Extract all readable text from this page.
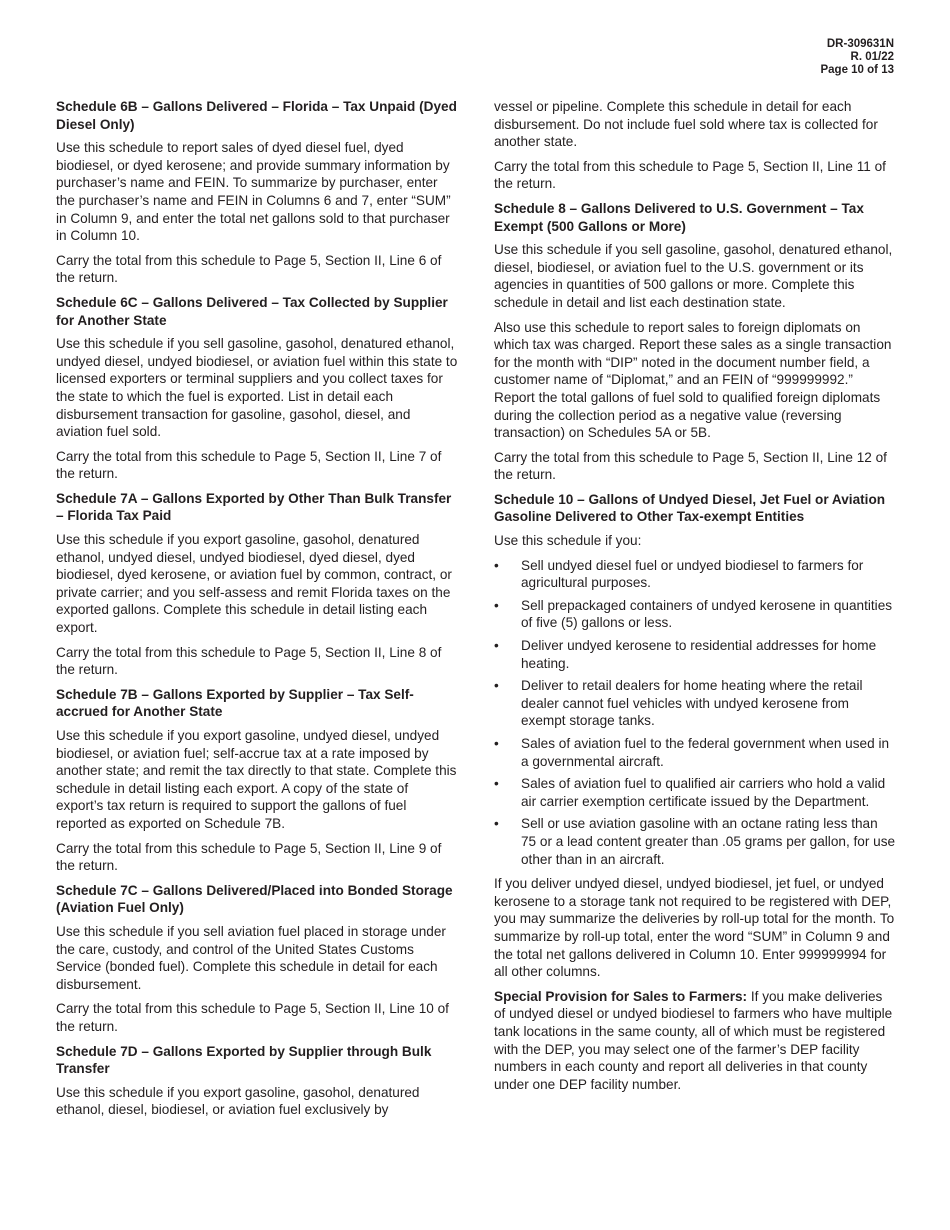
DR-309631N
R. 01/22
Page 10 of 13
Schedule 6B – Gallons Delivered – Florida – Tax Unpaid (Dyed Diesel Only)

Use this schedule to report sales of dyed diesel fuel, dyed biodiesel, or dyed kerosene; and provide summary information by purchaser’s name and FEIN. To summarize by purchaser, enter the purchaser’s name and FEIN in Columns 6 and 7, enter “SUM” in Column 9, and enter the total net gallons sold to that purchaser in Column 10.

Carry the total from this schedule to Page 5, Section II, Line 6 of the return.

Schedule 6C – Gallons Delivered – Tax Collected by Supplier for Another State

Use this schedule if you sell gasoline, gasohol, denatured ethanol, undyed diesel, undyed biodiesel, or aviation fuel within this state to licensed exporters or terminal suppliers and you collect taxes for the state to which the fuel is exported. List in detail each disbursement transaction for gasoline, gasohol, diesel, and aviation fuel sold.

Carry the total from this schedule to Page 5, Section II, Line 7 of the return.

Schedule 7A – Gallons Exported by Other Than Bulk Transfer – Florida Tax Paid

Use this schedule if you export gasoline, gasohol, denatured ethanol, undyed diesel, undyed biodiesel, dyed diesel, dyed biodiesel, dyed kerosene, or aviation fuel by common, contract, or private carrier; and you self-assess and remit Florida taxes on the exported gallons. Complete this schedule in detail listing each export.

Carry the total from this schedule to Page 5, Section II, Line 8 of the return.

Schedule 7B – Gallons Exported by Supplier – Tax Self-accrued for Another State

Use this schedule if you export gasoline, undyed diesel, undyed biodiesel, or aviation fuel; self-accrue tax at a rate imposed by another state; and remit the tax directly to that state. Complete this schedule in detail listing each export. A copy of the state of export’s tax return is required to support the gallons of fuel reported as exported on Schedule 7B.

Carry the total from this schedule to Page 5, Section II, Line 9 of the return.

Schedule 7C – Gallons Delivered/Placed into Bonded Storage (Aviation Fuel Only)

Use this schedule if you sell aviation fuel placed in storage under the care, custody, and control of the United States Customs Service (bonded fuel). Complete this schedule in detail for each disbursement.

Carry the total from this schedule to Page 5, Section II, Line 10 of the return.

Schedule 7D – Gallons Exported by Supplier through Bulk Transfer

Use this schedule if you export gasoline, gasohol, denatured ethanol, diesel, biodiesel, or aviation fuel exclusively by

vessel or pipeline. Complete this schedule in detail for each disbursement. Do not include fuel sold where tax is collected for another state.

Carry the total from this schedule to Page 5, Section II, Line 11 of the return.

Schedule 8 – Gallons Delivered to U.S. Government – Tax Exempt (500 Gallons or More)

Use this schedule if you sell gasoline, gasohol, denatured ethanol, diesel, biodiesel, or aviation fuel to the U.S. government or its agencies in quantities of 500 gallons or more. Complete this schedule in detail and list each destination state.

Also use this schedule to report sales to foreign diplomats on which tax was charged. Report these sales as a single transaction for the month with “DIP” noted in the document number field, a customer name of “Diplomat,” and an FEIN of “999999992.” Report the total gallons of fuel sold to qualified foreign diplomats during the collection period as a negative value (reversing transaction) on Schedules 5A or 5B.

Carry the total from this schedule to Page 5, Section II, Line 12 of the return.

Schedule 10 – Gallons of Undyed Diesel, Jet Fuel or Aviation Gasoline Delivered to Other Tax-exempt Entities

Use this schedule if you:

• Sell undyed diesel fuel or undyed biodiesel to farmers for agricultural purposes.
• Sell prepackaged containers of undyed kerosene in quantities of five (5) gallons or less.
• Deliver undyed kerosene to residential addresses for home heating.
• Deliver to retail dealers for home heating where the retail dealer cannot fuel vehicles with undyed kerosene from exempt storage tanks.
• Sales of aviation fuel to the federal government when used in a governmental aircraft.
• Sales of aviation fuel to qualified air carriers who hold a valid air carrier exemption certificate issued by the Department.
• Sell or use aviation gasoline with an octane rating less than 75 or a lead content greater than .05 grams per gallon, for use other than in an aircraft.

If you deliver undyed diesel, undyed biodiesel, jet fuel, or undyed kerosene to a storage tank not required to be registered with DEP, you may summarize the deliveries by roll-up total for the month. To summarize by roll-up total, enter the word “SUM” in Column 9 and the total net gallons delivered in Column 10. Enter 999999994 for all other columns.

Special Provision for Sales to Farmers: If you make deliveries of undyed diesel or undyed biodiesel to farmers who have multiple tank locations in the same county, all of which must be registered with the DEP, you may select one of the farmer’s DEP facility numbers in each county and report all deliveries in that county under one DEP facility number.
